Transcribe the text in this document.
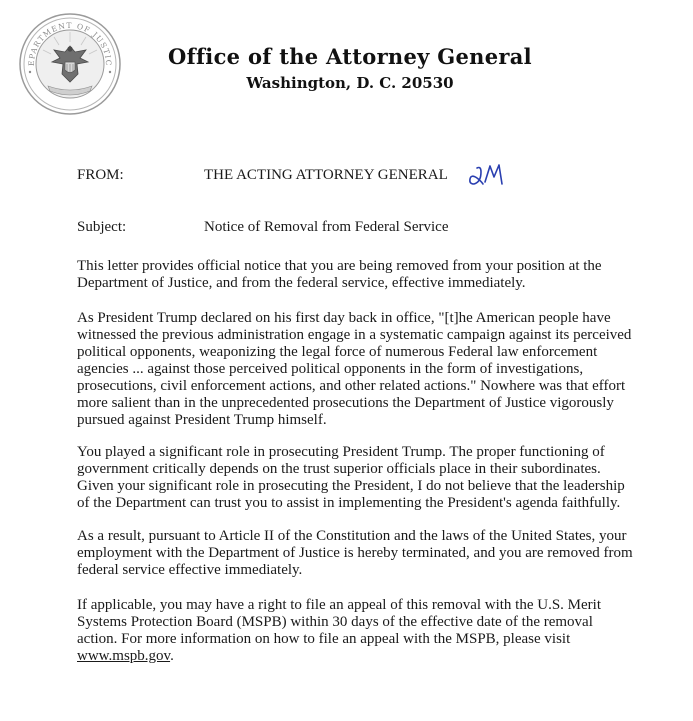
EPARTMENT OF JUSTIC	Office of the Attorney General
Washington, D. C. 20530
FROM:	THE ACTING ATTORNEY GENERAL
Subject:	Notice of Removal from Federal Service

This letter provides official notice that you are being removed from your position at the Department of Justice, and from the federal service, effective immediately.

As President Trump declared on his first day back in office, "[t]he American people have witnessed the previous administration engage in a systematic campaign against its perceived political opponents, weaponizing the legal force of numerous Federal law enforcement agencies ... against those perceived political opponents in the form of investigations, prosecutions, civil enforcement actions, and other related actions." Nowhere was that effort more salient than in the unprecedented prosecutions the Department of Justice vigorously pursued against President Trump himself.

You played a significant role in prosecuting President Trump. The proper functioning of government critically depends on the trust superior officials place in their subordinates. Given your significant role in prosecuting the President, I do not believe that the leadership of the Department can trust you to assist in implementing the President's agenda faithfully.

As a result, pursuant to Article II of the Constitution and the laws of the United States, your employment with the Department of Justice is hereby terminated, and you are removed from federal service effective immediately.

If applicable, you may have a right to file an appeal of this removal with the U.S. Merit Systems Protection Board (MSPB) within 30 days of the effective date of the removal action. For more information on how to file an appeal with the MSPB, please visit www.mspb.gov.
